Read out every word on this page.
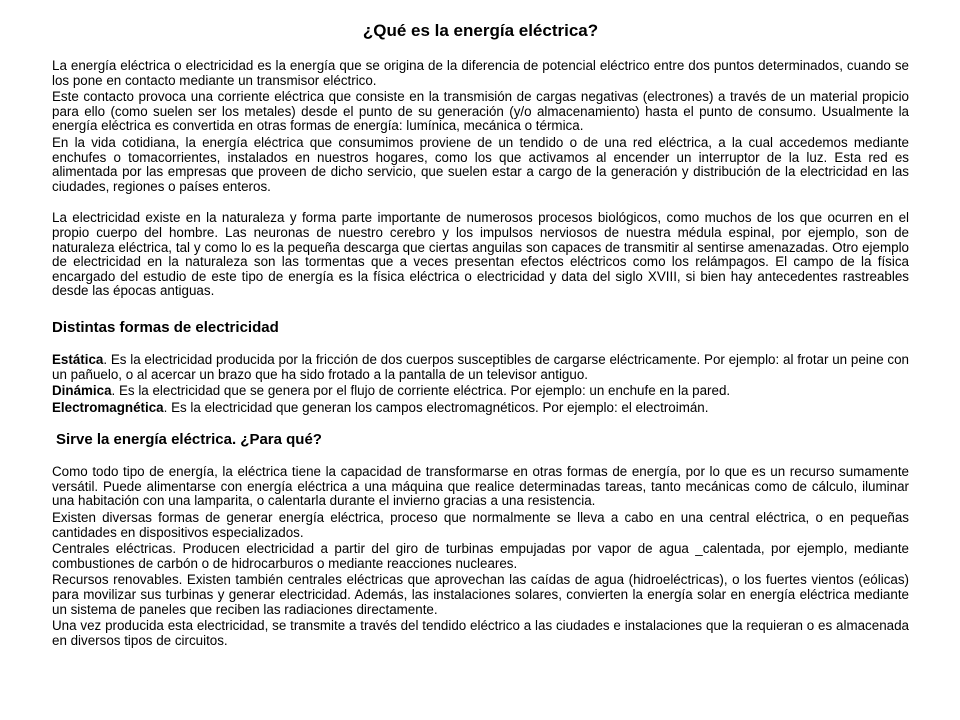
¿Qué es la energía eléctrica?

La energía eléctrica o electricidad es la energía que se origina de la diferencia de potencial eléctrico entre dos puntos determinados, cuando se los pone en contacto mediante un transmisor eléctrico.

Este contacto provoca una corriente eléctrica que consiste en la transmisión de cargas negativas (electrones) a través de un material propicio para ello (como suelen ser los metales) desde el punto de su generación (y/o almacenamiento) hasta el punto de consumo. Usualmente la energía eléctrica es convertida en otras formas de energía: lumínica, mecánica o térmica.

En la vida cotidiana, la energía eléctrica que consumimos proviene de un tendido o de una red eléctrica, a la cual accedemos mediante enchufes o tomacorrientes, instalados en nuestros hogares, como los que activamos al encender un interruptor de la luz. Esta red es alimentada por las empresas que proveen de dicho servicio, que suelen estar a cargo de la generación y distribución de la electricidad en las ciudades, regiones o países enteros.

La electricidad existe en la naturaleza y forma parte importante de numerosos procesos biológicos, como muchos de los que ocurren en el propio cuerpo del hombre. Las neuronas de nuestro cerebro y los impulsos nerviosos de nuestra médula espinal, por ejemplo, son de naturaleza eléctrica, tal y como lo es la pequeña descarga que ciertas anguilas son capaces de transmitir al sentirse amenazadas. Otro ejemplo de electricidad en la naturaleza son las tormentas que a veces presentan efectos eléctricos como los relámpagos. El campo de la física encargado del estudio de este tipo de energía es la física eléctrica o electricidad y data del siglo XVIII, si bien hay antecedentes rastreables desde las épocas antiguas.

Distintas formas de electricidad

Estática. Es la electricidad producida por la fricción de dos cuerpos susceptibles de cargarse eléctricamente. Por ejemplo: al frotar un peine con un pañuelo, o al acercar un brazo que ha sido frotado a la pantalla de un televisor antiguo.

Dinámica. Es la electricidad que se genera por el flujo de corriente eléctrica. Por ejemplo: un enchufe en la pared.

Electromagnética. Es la electricidad que generan los campos electromagnéticos. Por ejemplo: el electroimán.

Sirve la energía eléctrica. ¿Para qué?

Como todo tipo de energía, la eléctrica tiene la capacidad de transformarse en otras formas de energía, por lo que es un recurso sumamente versátil. Puede alimentarse con energía eléctrica a una máquina que realice determinadas tareas, tanto mecánicas como de cálculo, iluminar una habitación con una lamparita, o calentarla durante el invierno gracias a una resistencia.

Existen diversas formas de generar energía eléctrica, proceso que normalmente se lleva a cabo en una central eléctrica, o en pequeñas cantidades en dispositivos especializados.

Centrales eléctricas. Producen electricidad a partir del giro de turbinas empujadas por vapor de agua _calentada, por ejemplo, mediante combustiones de carbón o de hidrocarburos o mediante reacciones nucleares.

Recursos renovables. Existen también centrales eléctricas que aprovechan las caídas de agua (hidroeléctricas), o los fuertes vientos (eólicas) para movilizar sus turbinas y generar electricidad. Además, las instalaciones solares, convierten la energía solar en energía eléctrica mediante un sistema de paneles que reciben las radiaciones directamente.

Una vez producida esta electricidad, se transmite a través del tendido eléctrico a las ciudades e instalaciones que la requieran o es almacenada en diversos tipos de circuitos.
